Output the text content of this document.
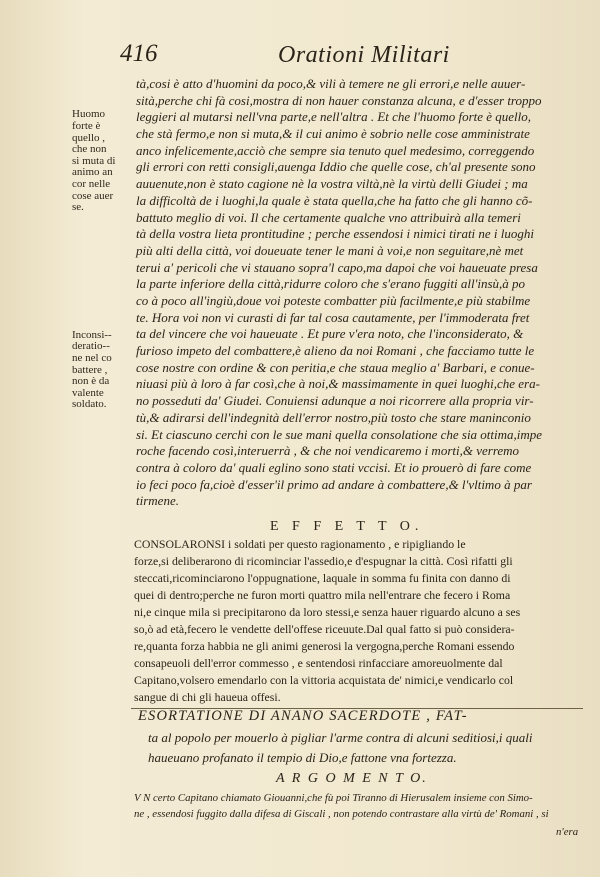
416	Orationi Militari
tà,cosi è atto d'huomini da poco,& vili à temere ne gli errori,e nelle auuer-
sità,perche chi fà cosi,mostra di non hauer constanza alcuna, e d'esser troppo
leggieri al mutarsi nell'vna parte,e nell'altra . Et che l'huomo forte è quello,
che stà fermo,e non si muta,& il cui animo è sobrio nelle cose amministrate
anco infelicemente,acciò che sempre sia tenuto quel medesimo, correggendo
gli errori con retti consigli,auenga Iddio che quelle cose, ch'al presente sono
auuenute,non è stato cagione nè la vostra viltà,nè la virtù delli Giudei ; ma
la difficoltà de i luoghi,la quale è stata quella,che ha fatto che gli hanno cõ-
battuto meglio di voi. Il che certamente qualche vno attribuirà alla temeri
tà della vostra lieta prontitudine ; perche essendosi i nimici tirati ne i luoghi
più alti della città, voi doueuate tener le mani à voi,e non seguitare,nè met
terui a' pericoli che vi stauano sopra'l capo,ma dapoi che voi haueuate presa
la parte inferiore della città,ridurre coloro che s'erano fuggiti all'insù,à po
co à poco all'ingiù,doue voi poteste combatter più facilmente,e più stabilme
te. Hora voi non vi curasti di far tal cosa cautamente, per l'immoderata fret
ta del vincere che voi haueuate . Et pure v'era noto, che l'inconsiderato, &
furioso impeto del combattere,è alieno da noi Romani , che facciamo tutte le
cose nostre con ordine & con peritia,e che staua meglio a' Barbari, e conue-
niuasi più à loro à far così,che à noi,& massimamente in quei luoghi,che era-
no posseduti da' Giudei. Conuiensi adunque a noi ricorrere alla propria vir-
tù,& adirarsi dell'indegnità dell'error nostro,più tosto che stare maninconio
si. Et ciascuno cerchi con le sue mani quella consolatione che sia ottima,impe
roche facendo così,interuerrà , & che noi vendicaremo i morti,& verremo
contra à coloro da' quali eglino sono stati vccisi. Et io prouerò di fare come
io feci poco fa,cioè d'esser'il primo ad andare à combattere,& l'vltimo à par
tirmene.
Huomo
forte è
quello ,
che non
si muta di
animo an
cor nelle
cose auer
se.
Inconsi--
deratio--
ne nel co
battere ,
non è da
valente
soldato.
E F F E T T O.
CONSOLARONSI i soldati per questo ragionamento , e ripigliando le
forze,si deliberarono di ricominciar l'assedio,e d'espugnar la città. Così rifatti gli
steccati,ricominciarono l'oppugnatione, laquale in somma fu finita con danno di
quei di dentro;perche ne furon morti quattro mila nell'entrare che fecero i Roma
ni,e cinque mila si precipitarono da loro stessi,e senza hauer riguardo alcuno a ses
so,ò ad età,fecero le vendette dell'offese riceuute.Dal qual fatto si può considera-
re,quanta forza habbia ne gli animi generosi la vergogna,perche Romani essendo
consapeuoli dell'error commesso , e sentendosi rinfacciare amoreuolmente dal
Capitano,volsero emendarlo con la vittoria acquistata de' nimici,e vendicarlo col
sangue di chi gli haueua offesi.
ESORTATIONE DI ANANO SACERDOTE , FAT-
ta al popolo per mouerlo à pigliar l'arme contra di alcuni seditiosi,i quali
haueuano profanato il tempio di Dio,e fattone vna fortezza.
A R G O M E N T O.
V N certo Capitano chiamato Giouanni,che fù poi Tiranno di Hierusalem insieme con Simo-
ne , essendosi fuggito dalla difesa di Giscali , non potendo contrastare alla virtù de' Romani , si
n'era
